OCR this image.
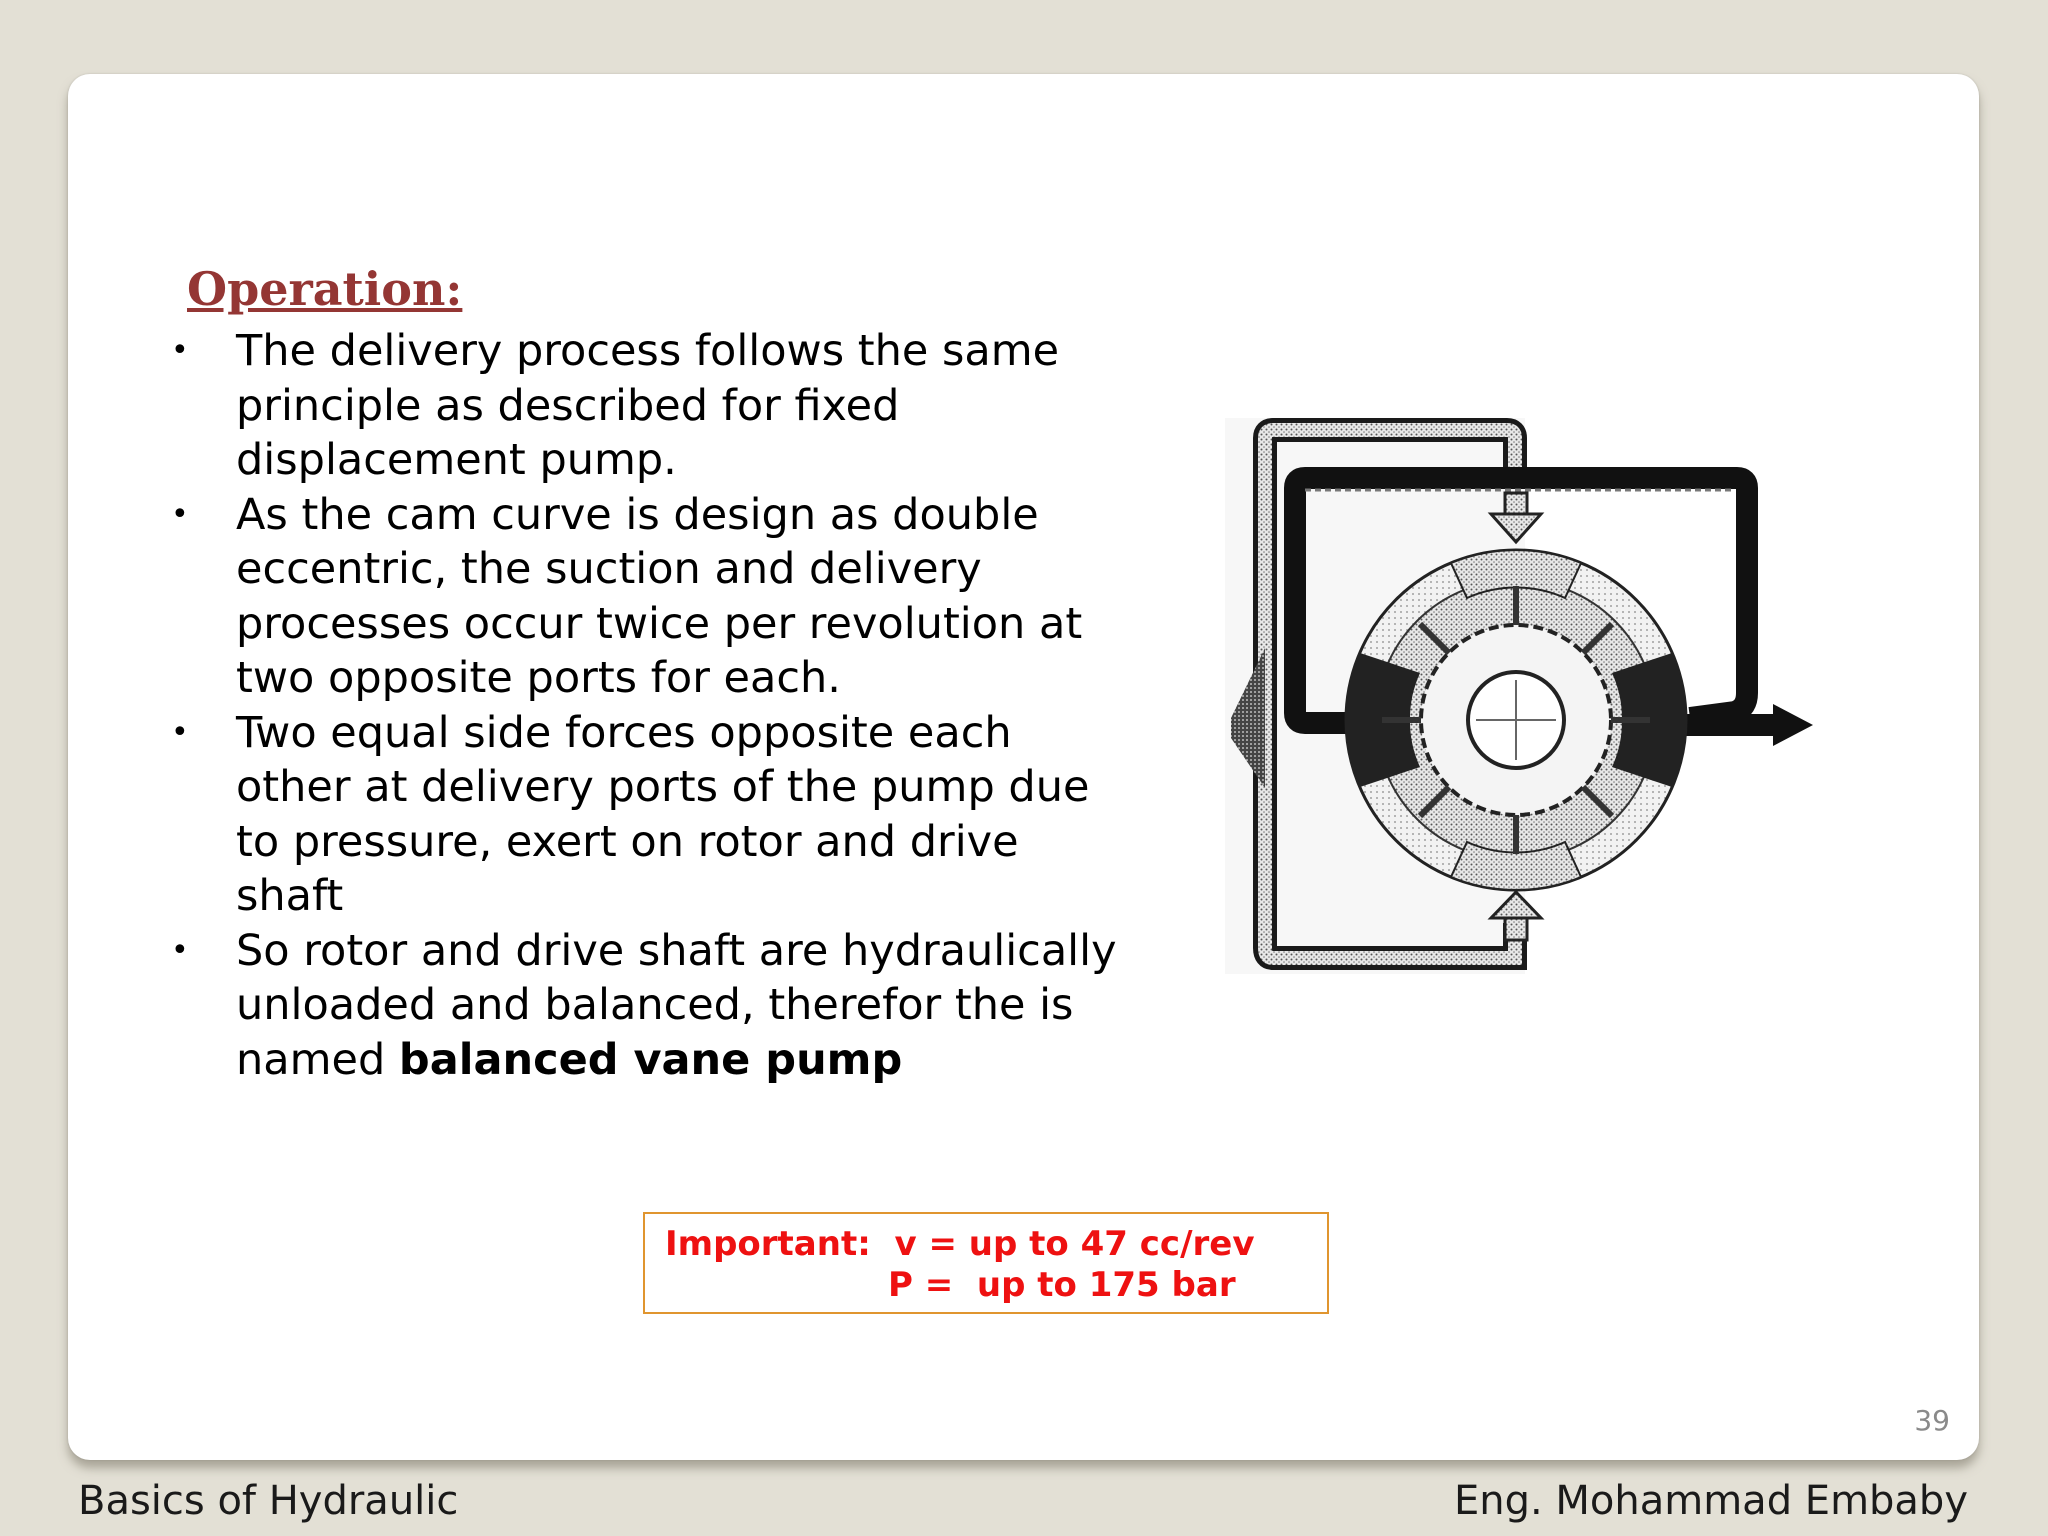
Operation:
• The delivery process follows the same principle as described for fixed displacement pump.
• As the cam curve is design as double eccentric, the suction and delivery processes occur twice per revolution at two opposite ports for each.
• Two equal side forces opposite each other at delivery ports of the pump due to pressure, exert on rotor and drive shaft
• So rotor and drive shaft are hydraulically unloaded and balanced, therefor the is named balanced vane pump
Important:  v = up to 47 cc/rev
P =  up to 175 bar
39
Basics of Hydraulic	Eng. Mohammad Embaby
